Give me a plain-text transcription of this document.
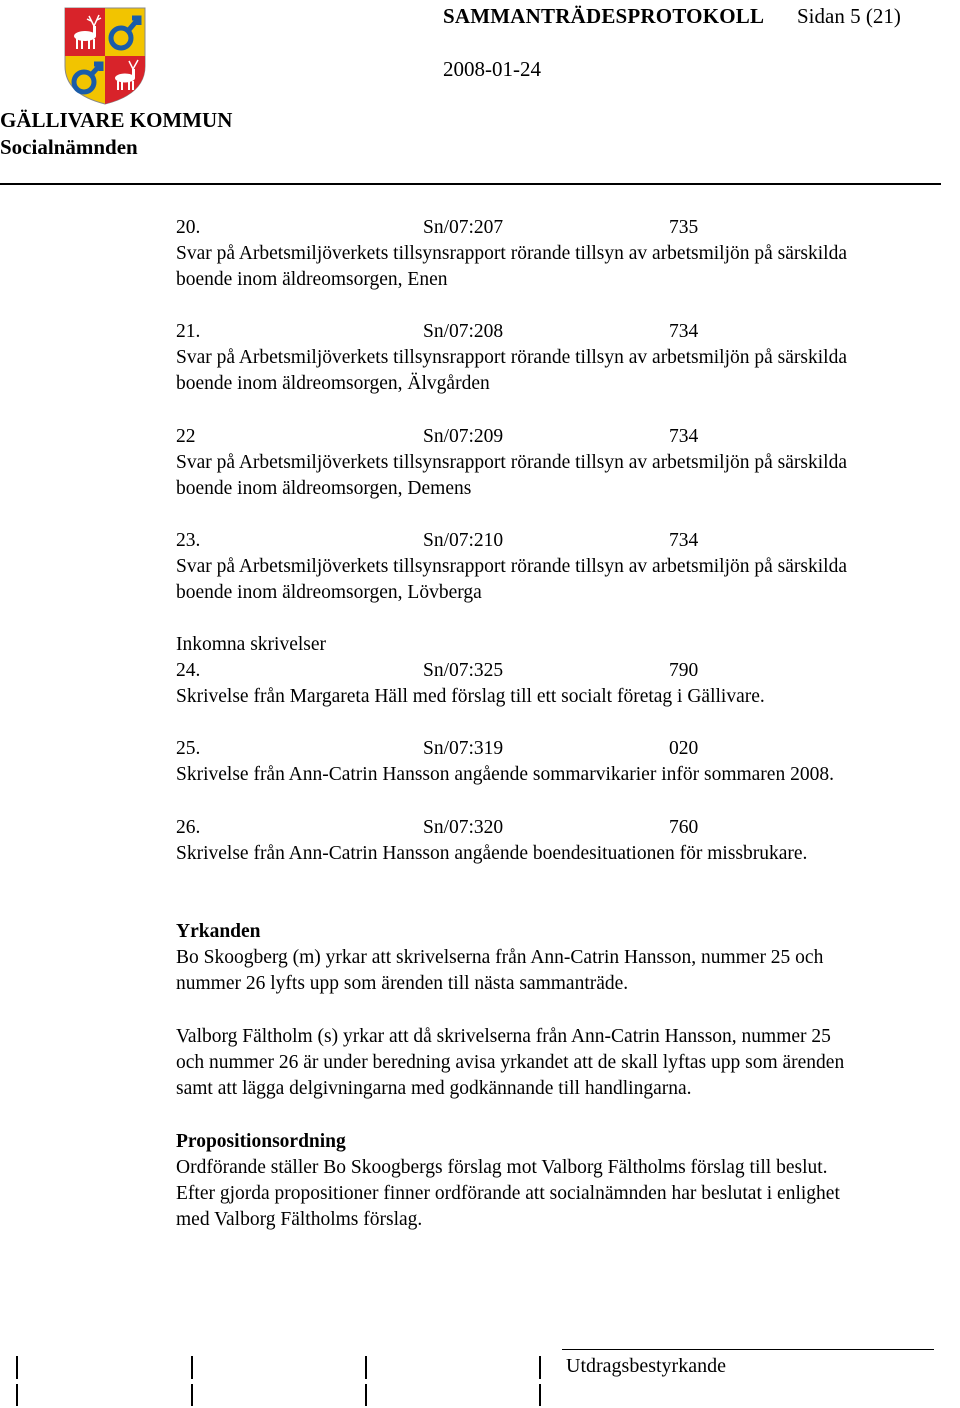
SAMMANTRÄDESPROTOKOLL Sidan 5 (21)
2008-01-24
GÄLLIVARE KOMMUN
Socialnämnden
20.	Sn/07:207	735
Svar på Arbetsmiljöverkets tillsynsrapport rörande tillsyn av arbetsmiljön på särskilda
boende inom äldreomsorgen, Enen
21.	Sn/07:208	734
Svar på Arbetsmiljöverkets tillsynsrapport rörande tillsyn av arbetsmiljön på särskilda
boende inom äldreomsorgen, Älvgården
22	Sn/07:209	734
Svar på Arbetsmiljöverkets tillsynsrapport rörande tillsyn av arbetsmiljön på särskilda
boende inom äldreomsorgen, Demens
23.	Sn/07:210	734
Svar på Arbetsmiljöverkets tillsynsrapport rörande tillsyn av arbetsmiljön på särskilda
boende inom äldreomsorgen, Lövberga
Inkomna skrivelser
24.	Sn/07:325	790
Skrivelse från Margareta Häll med förslag till ett socialt företag i Gällivare.
25.	Sn/07:319	020
Skrivelse från Ann-Catrin Hansson angående sommarvikarier inför sommaren 2008.
26.	Sn/07:320	760
Skrivelse från Ann-Catrin Hansson angående boendesituationen för missbrukare.
Yrkanden
Bo Skoogberg (m) yrkar att skrivelserna från Ann-Catrin Hansson, nummer 25 och
nummer 26 lyfts upp som ärenden till nästa sammanträde.
Valborg Fältholm (s) yrkar att då skrivelserna från Ann-Catrin Hansson, nummer 25
och nummer 26 är under beredning avisa yrkandet att de skall lyftas upp som ärenden
samt att lägga delgivningarna med godkännande till handlingarna.
Propositionsordning
Ordförande ställer Bo Skoogbergs förslag mot Valborg Fältholms förslag till beslut.
Efter gjorda propositioner finner ordförande att socialnämnden har beslutat i enlighet
med Valborg Fältholms förslag.
Utdragsbestyrkande
